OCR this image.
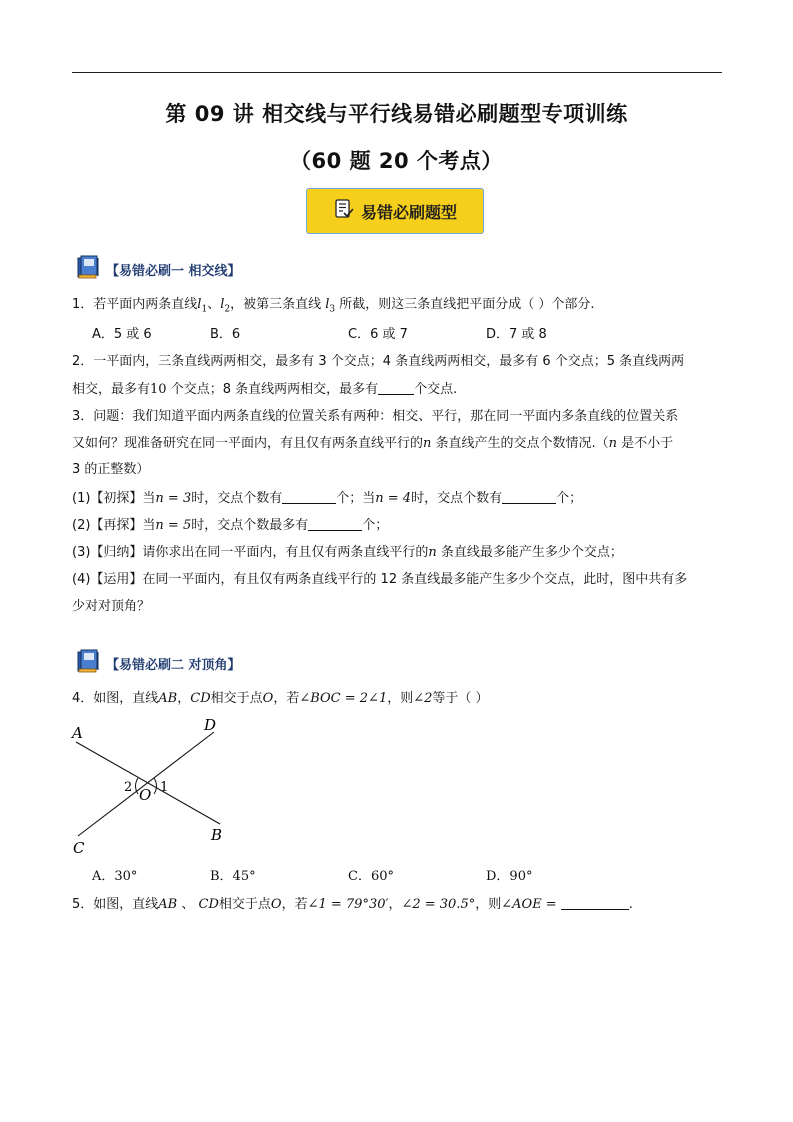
第 09 讲 相交线与平行线易错必刷题型专项训练
（60 题 20 个考点）
易错必刷题型
【易错必刷一 相交线】
1．若平面内两条直线$l_1$、$l_2$，被第三条直线 $l_3$ 所截，则这三条直线把平面分成（ ）个部分.
A．5 或 6	B．6	C．6 或 7	D．7 或 8
2．一平面内，三条直线两两相交，最多有 3 个交点；4 条直线两两相交，最多有 6 个交点；5 条直线两两
相交，最多有10 个交点；8 条直线两两相交，最多有	个交点.
3．问题：我们知道平面内两条直线的位置关系有两种：相交、平行，那在同一平面内多条直线的位置关系
又如何？现准备研究在同一平面内，有且仅有两条直线平行的n 条直线产生的交点个数情况.（n 是不小于
3 的正整数）
(1)【初探】当n = 3时，交点个数有	个；当n = 4时，交点个数有	个；
(2)【再探】当n = 5时，交点个数最多有	个；
(3)【归纳】请你求出在同一平面内，有且仅有两条直线平行的n 条直线最多能产生多少个交点；
(4)【运用】在同一平面内，有且仅有两条直线平行的 12 条直线最多能产生多少个交点，此时，图中共有多
少对对顶角？
【易错必刷二 对顶角】
4．如图，直线AB，CD相交于点O，若∠BOC = 2∠1，则∠2等于（ ）
A	D
C
B
O
2 1
A．30°	B．45°	C．60°	D．90°
5．如图，直线AB 、 CD相交于点O，若∠1 = 79°30′，∠2 = 30.5°，则∠AOE =	.
